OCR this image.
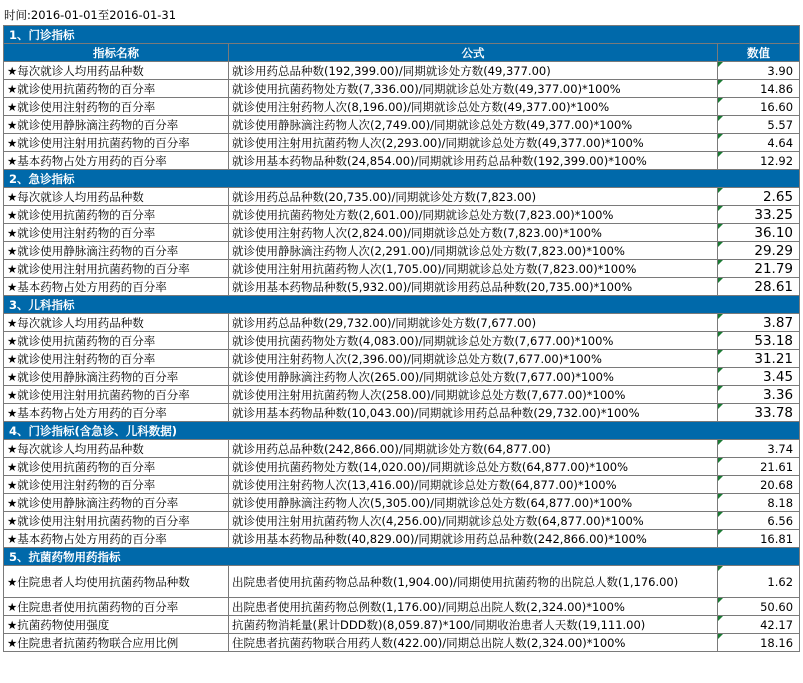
时间:2016-01-01至2016-01-31
1、门诊指标		
指标名称	公式	数值
★每次就诊人均用药品种数	就诊用药总品种数(192,399.00)/同期就诊处方数(49,377.00)	3.90
★就诊使用抗菌药物的百分率	就诊使用抗菌药物处方数(7,336.00)/同期就诊总处方数(49,377.00)*100%	14.86
★就诊使用注射药物的百分率	就诊使用注射药物人次(8,196.00)/同期就诊总处方数(49,377.00)*100%	16.60
★就诊使用静脉滴注药物的百分率	就诊使用静脉滴注药物人次(2,749.00)/同期就诊总处方数(49,377.00)*100%	5.57
★就诊使用注射用抗菌药物的百分率	就诊使用注射用抗菌药物人次(2,293.00)/同期就诊总处方数(49,377.00)*100%	4.64
★基本药物占处方用药的百分率	就诊用基本药物品种数(24,854.00)/同期就诊用药总品种数(192,399.00)*100%	12.92
2、急诊指标		
★每次就诊人均用药品种数	就诊用药总品种数(20,735.00)/同期就诊处方数(7,823.00)	2.65
★就诊使用抗菌药物的百分率	就诊使用抗菌药物处方数(2,601.00)/同期就诊总处方数(7,823.00)*100%	33.25
★就诊使用注射药物的百分率	就诊使用注射药物人次(2,824.00)/同期就诊总处方数(7,823.00)*100%	36.10
★就诊使用静脉滴注药物的百分率	就诊使用静脉滴注药物人次(2,291.00)/同期就诊总处方数(7,823.00)*100%	29.29
★就诊使用注射用抗菌药物的百分率	就诊使用注射用抗菌药物人次(1,705.00)/同期就诊总处方数(7,823.00)*100%	21.79
★基本药物占处方用药的百分率	就诊用基本药物品种数(5,932.00)/同期就诊用药总品种数(20,735.00)*100%	28.61
3、儿科指标		
★每次就诊人均用药品种数	就诊用药总品种数(29,732.00)/同期就诊处方数(7,677.00)	3.87
★就诊使用抗菌药物的百分率	就诊使用抗菌药物处方数(4,083.00)/同期就诊总处方数(7,677.00)*100%	53.18
★就诊使用注射药物的百分率	就诊使用注射药物人次(2,396.00)/同期就诊总处方数(7,677.00)*100%	31.21
★就诊使用静脉滴注药物的百分率	就诊使用静脉滴注药物人次(265.00)/同期就诊总处方数(7,677.00)*100%	3.45
★就诊使用注射用抗菌药物的百分率	就诊使用注射用抗菌药物人次(258.00)/同期就诊总处方数(7,677.00)*100%	3.36
★基本药物占处方用药的百分率	就诊用基本药物品种数(10,043.00)/同期就诊用药总品种数(29,732.00)*100%	33.78
4、门诊指标(含急诊、儿科数据)		
★每次就诊人均用药品种数	就诊用药总品种数(242,866.00)/同期就诊处方数(64,877.00)	3.74
★就诊使用抗菌药物的百分率	就诊使用抗菌药物处方数(14,020.00)/同期就诊总处方数(64,877.00)*100%	21.61
★就诊使用注射药物的百分率	就诊使用注射药物人次(13,416.00)/同期就诊总处方数(64,877.00)*100%	20.68
★就诊使用静脉滴注药物的百分率	就诊使用静脉滴注药物人次(5,305.00)/同期就诊总处方数(64,877.00)*100%	8.18
★就诊使用注射用抗菌药物的百分率	就诊使用注射用抗菌药物人次(4,256.00)/同期就诊总处方数(64,877.00)*100%	6.56
★基本药物占处方用药的百分率	就诊用基本药物品种数(40,829.00)/同期就诊用药总品种数(242,866.00)*100%	16.81
5、抗菌药物用药指标		
★住院患者人均使用抗菌药物品种数	出院患者使用抗菌药物总品种数(1,904.00)/同期使用抗菌药物的出院总人数(1,176.00)	1.62
★住院患者使用抗菌药物的百分率	出院患者使用抗菌药物总例数(1,176.00)/同期总出院人数(2,324.00)*100%	50.60
★抗菌药物使用强度	抗菌药物消耗量(累计DDD数)(8,059.87)*100/同期收治患者人天数(19,111.00)	42.17
★住院患者抗菌药物联合应用比例	住院患者抗菌药物联合用药人数(422.00)/同期总出院人数(2,324.00)*100%	18.16
